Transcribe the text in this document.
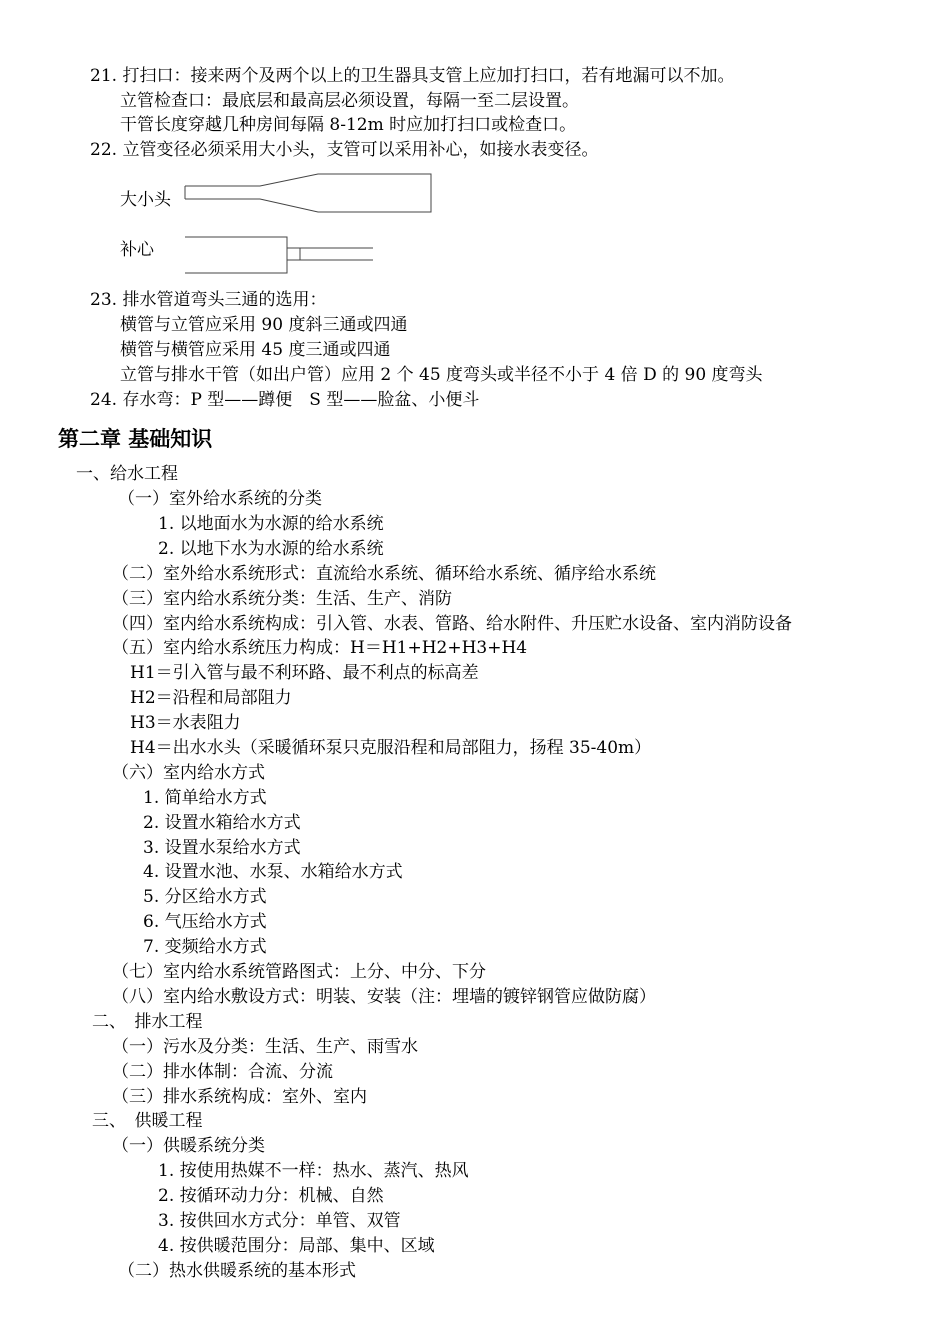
21. 打扫口：接来两个及两个以上的卫生器具支管上应加打扫口，若有地漏可以不加。
立管检查口：最底层和最高层必须设置，每隔一至二层设置。
干管长度穿越几种房间每隔 8-12m 时应加打扫口或检查口。
22. 立管变径必须采用大小头，支管可以采用补心，如接水表变径。
大小头
补心
23. 排水管道弯头三通的选用：
横管与立管应采用 90 度斜三通或四通
横管与横管应采用 45 度三通或四通
立管与排水干管（如出户管）应用 2 个 45 度弯头或半径不小于 4 倍 D 的 90 度弯头
24. 存水弯：P 型——蹲便　S 型——脸盆、小便斗
第二章 基础知识
一、给水工程
（一）室外给水系统的分类
1. 以地面水为水源的给水系统
2. 以地下水为水源的给水系统
（二）室外给水系统形式：直流给水系统、循环给水系统、循序给水系统
（三）室内给水系统分类：生活、生产、消防
（四）室内给水系统构成：引入管、水表、管路、给水附件、升压贮水设备、室内消防设备
（五）室内给水系统压力构成：H＝H1+H2+H3+H4
H1＝引入管与最不利环路、最不利点的标高差
H2＝沿程和局部阻力
H3＝水表阻力
H4＝出水水头（采暖循环泵只克服沿程和局部阻力，扬程 35-40m）
（六）室内给水方式
1. 简单给水方式
2. 设置水箱给水方式
3. 设置水泵给水方式
4. 设置水池、水泵、水箱给水方式
5. 分区给水方式
6. 气压给水方式
7. 变频给水方式
（七）室内给水系统管路图式：上分、中分、下分
（八）室内给水敷设方式：明装、安装（注：埋墙的镀锌钢管应做防腐）
二、　排水工程
（一）污水及分类：生活、生产、雨雪水
（二）排水体制：合流、分流
（三）排水系统构成：室外、室内
三、　供暖工程
（一）供暖系统分类
1. 按使用热媒不一样：热水、蒸汽、热风
2. 按循环动力分：机械、自然
3. 按供回水方式分：单管、双管
4. 按供暖范围分：局部、集中、区域
（二）热水供暖系统的基本形式
